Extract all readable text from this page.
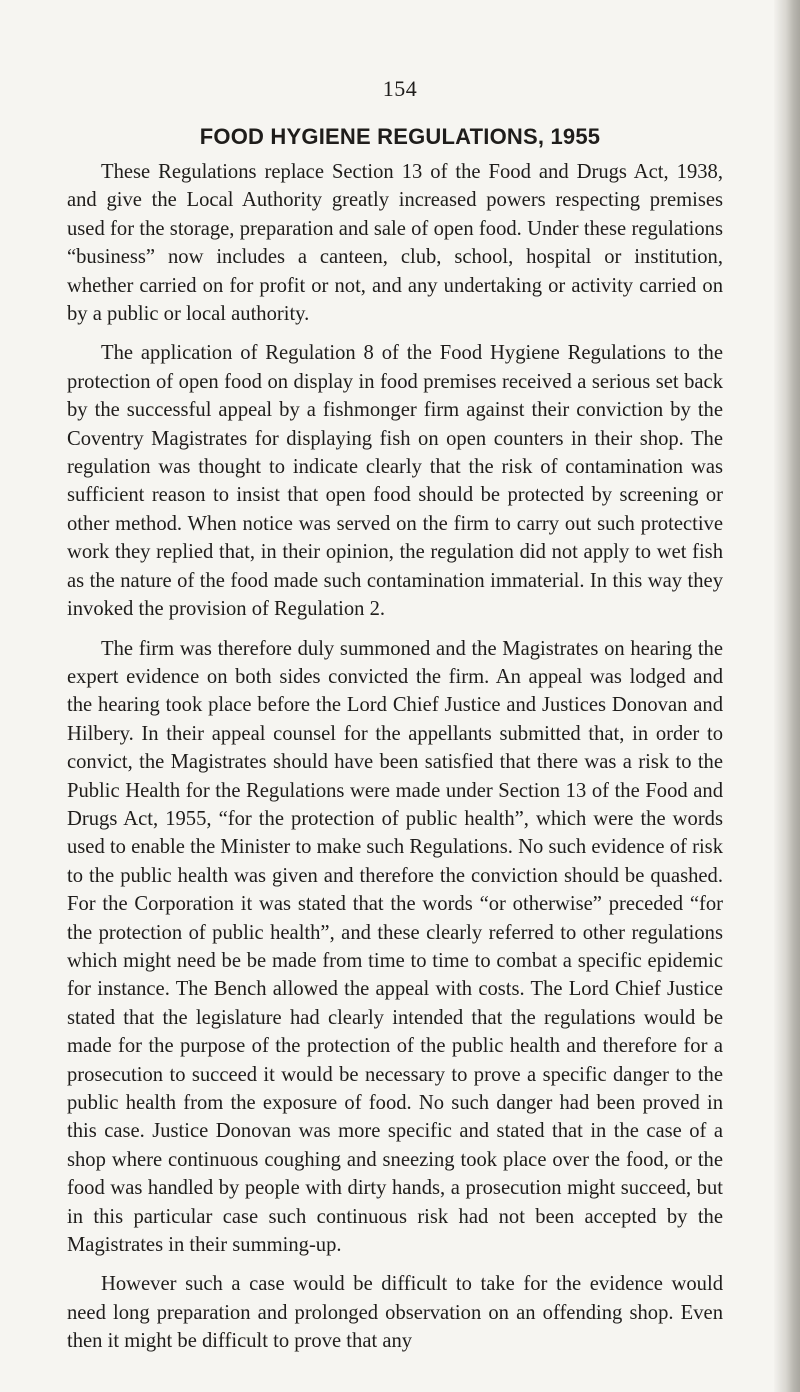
154
FOOD HYGIENE REGULATIONS, 1955

These Regulations replace Section 13 of the Food and Drugs Act, 1938, and give the Local Authority greatly increased powers respecting premises used for the storage, preparation and sale of open food. Under these regulations “business” now includes a canteen, club, school, hospital or institution, whether carried on for profit or not, and any undertaking or activity carried on by a public or local authority.

The application of Regulation 8 of the Food Hygiene Regulations to the protection of open food on display in food premises received a serious set back by the successful appeal by a fishmonger firm against their conviction by the Coventry Magistrates for displaying fish on open counters in their shop. The regulation was thought to indicate clearly that the risk of contamination was sufficient reason to insist that open food should be protected by screening or other method. When notice was served on the firm to carry out such protective work they replied that, in their opinion, the regulation did not apply to wet fish as the nature of the food made such contamination immaterial. In this way they invoked the provision of Regulation 2.

The firm was therefore duly summoned and the Magistrates on hearing the expert evidence on both sides convicted the firm. An appeal was lodged and the hearing took place before the Lord Chief Justice and Justices Donovan and Hilbery. In their appeal counsel for the appellants submitted that, in order to convict, the Magistrates should have been satisfied that there was a risk to the Public Health for the Regulations were made under Section 13 of the Food and Drugs Act, 1955, “for the protection of public health”, which were the words used to enable the Minister to make such Regulations. No such evidence of risk to the public health was given and therefore the conviction should be quashed. For the Corporation it was stated that the words “or otherwise” preceded “for the protection of public health”, and these clearly referred to other regulations which might need be be made from time to time to combat a specific epidemic for instance. The Bench allowed the appeal with costs. The Lord Chief Justice stated that the legislature had clearly intended that the regulations would be made for the purpose of the protection of the public health and therefore for a prosecution to succeed it would be necessary to prove a specific danger to the public health from the exposure of food. No such danger had been proved in this case. Justice Donovan was more specific and stated that in the case of a shop where continuous coughing and sneezing took place over the food, or the food was handled by people with dirty hands, a prosecution might succeed, but in this particular case such continuous risk had not been accepted by the Magistrates in their summing-up.

However such a case would be difficult to take for the evidence would need long preparation and prolonged observation on an offending shop. Even then it might be difficult to prove that any
